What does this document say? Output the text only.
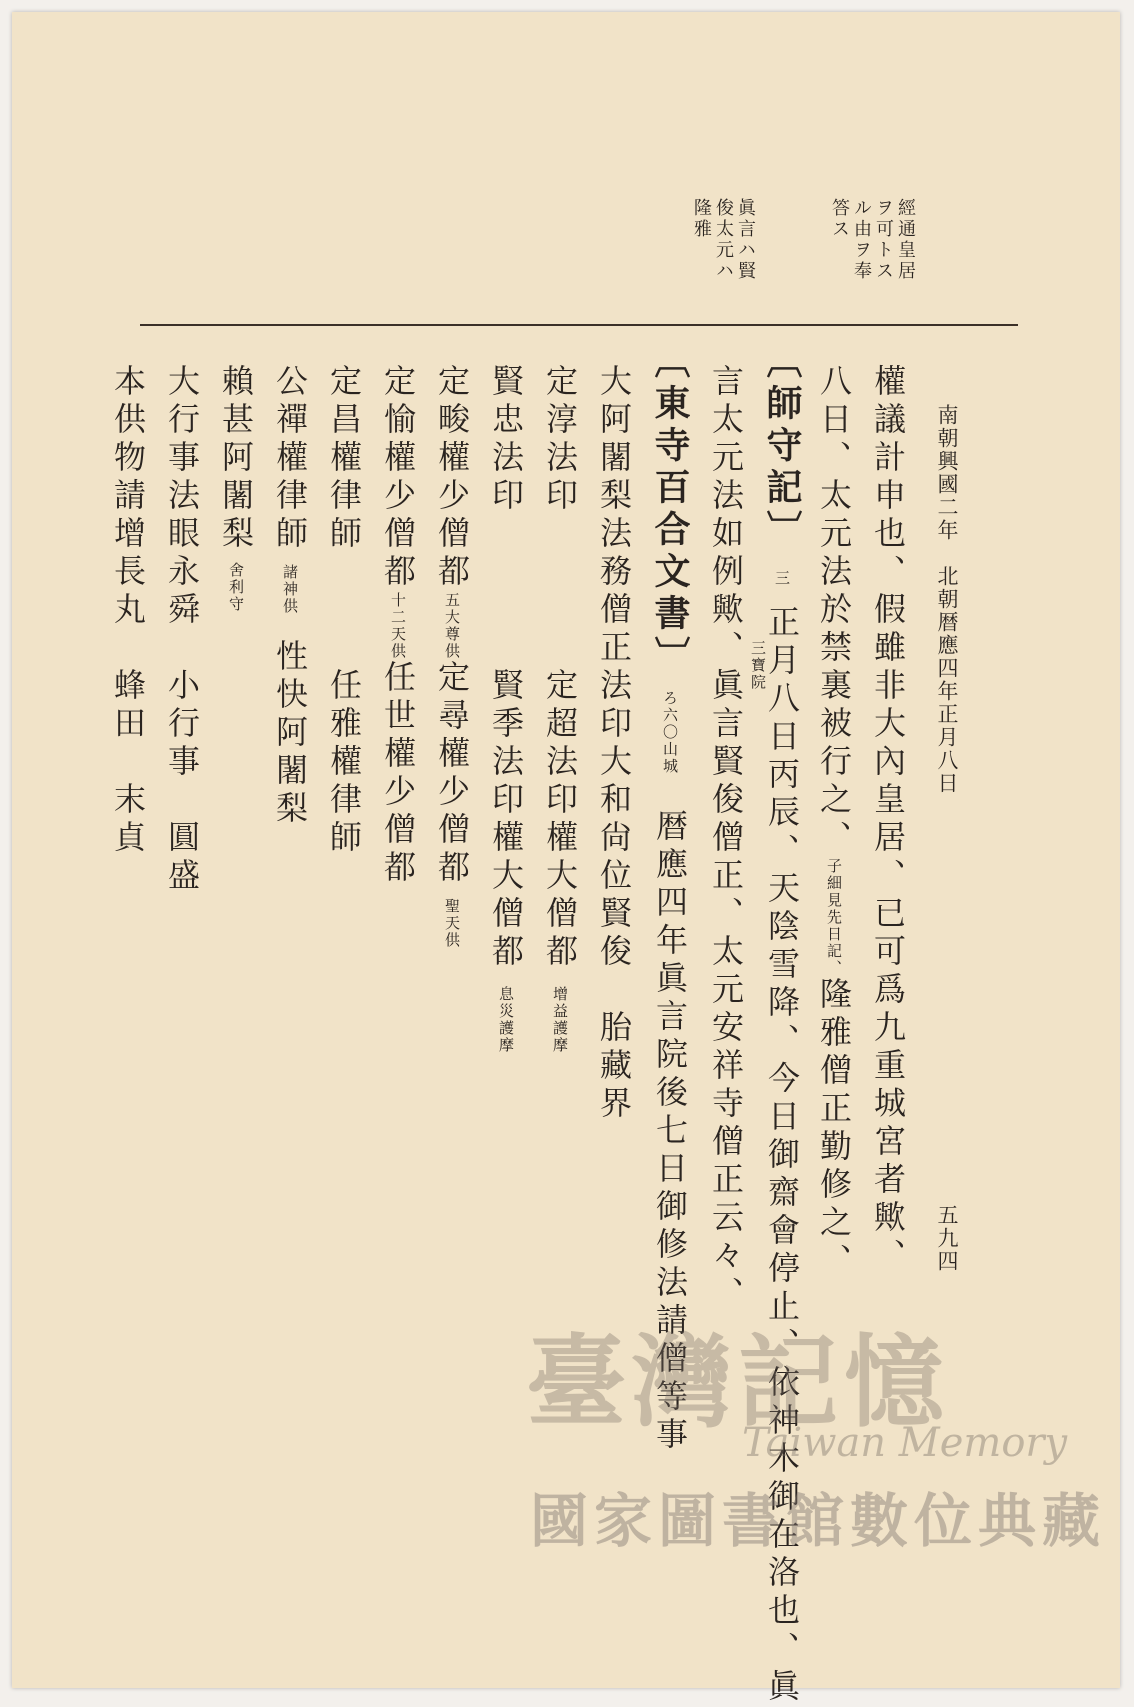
南朝興國二年　北朝暦應四年正月八日
五九四
經通皇居
ヲ可トス
ル由ヲ奉
答ス
眞言ハ賢
俊太元ハ
隆雅
權議計申也、假雖非大內皇居、已可爲九重城宮者歟、
八日、太元法於禁裏被行之、子細見先日記、隆雅僧正勤修之、
〔師守記〕三正月八日丙辰、天陰雪降、今日御齋會停止、依神木御在洛也、眞
言太元法如例歟、眞言賢俊僧正、太元安祥寺僧正云々、 三寶院
〔東寺百合文書〕ろ六〇山城暦應四年眞言院後七日御修法請僧等事
大阿闍梨法務僧正法印大和尙位賢俊　胎藏界
定淳法印　　　　定超法印權大僧都增益護摩
賢忠法印　　　　賢季法印權大僧都息災護摩
定畯權少僧都五大尊供定尋權少僧都聖天供
定愉權少僧都十二天供任世權少僧都
定昌權律師　　　任雅權律師
公禪權律師諸神供性快阿闍梨
賴甚阿闍梨舍利守
大行事法眼永舜　小行事　圓盛
本供物請增長丸　蜂田　末貞
臺灣記憶
Taiwan Memory
國家圖書館數位典藏
